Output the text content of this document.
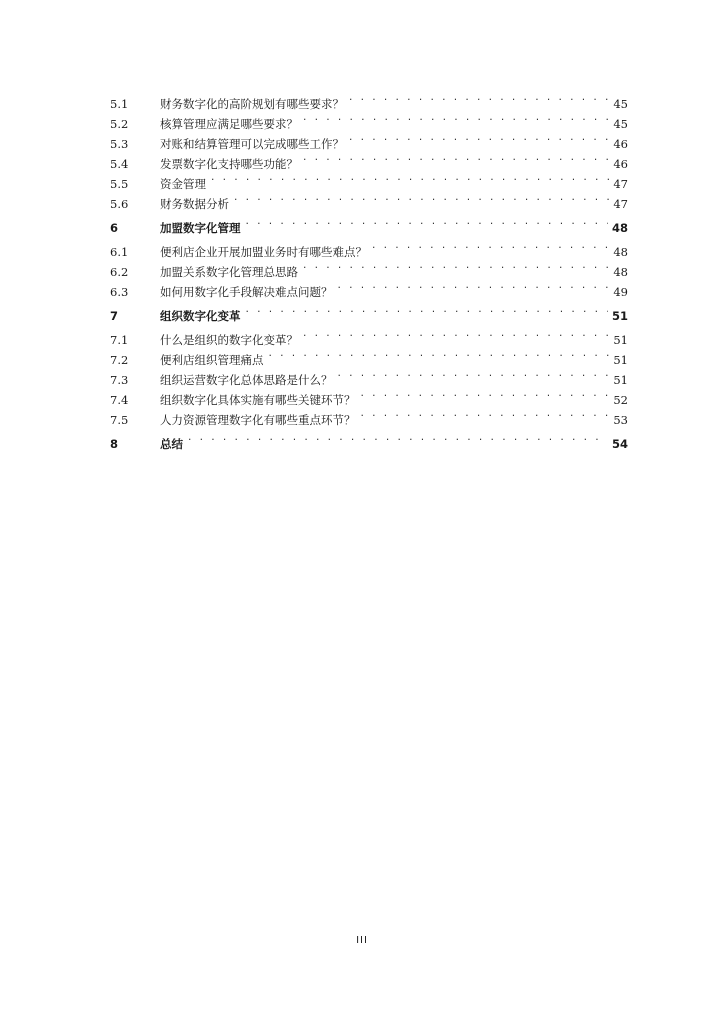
5.1	财务数字化的高阶规划有哪些要求？ . . .	45
5.2	核算管理应满足哪些要求？ . . .	45
5.3	对账和结算管理可以完成哪些工作？ . . .	46
5.4	发票数字化支持哪些功能？ . . .	46
5.5	资金管理 . . .	47
5.6	财务数据分析 . . .	47
6	加盟数字化管理 . . .	48
6.1	便利店企业开展加盟业务时有哪些难点？ . . .	48
6.2	加盟关系数字化管理总思路 . . .	48
6.3	如何用数字化手段解决难点问题？ . . .	49
7	组织数字化变革 . . .	51
7.1	什么是组织的数字化变革？ . . .	51
7.2	便利店组织管理痛点 . . .	51
7.3	组织运营数字化总体思路是什么？ . . .	51
7.4	组织数字化具体实施有哪些关键环节？ . . .	52
7.5	人力资源管理数字化有哪些重点环节？ . . .	53
8	总结 . . .	54
III
